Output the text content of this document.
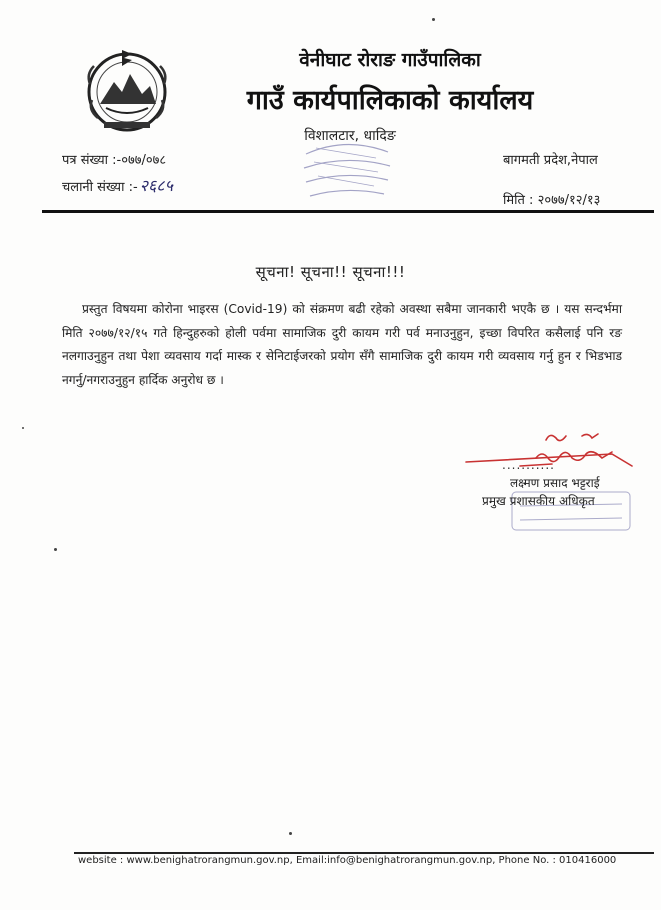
वेनीघाट रोराङ गाउँपालिका
गाउँ कार्यपालिकाको कार्यालय
विशालटार, धादिङ
पत्र संख्या :-०७७/०७८
चलानी संख्या :- २६८५
बागमती प्रदेश,नेपाल
मिति : २०७७/१२/१३
सूचना! सूचना!! सूचना!!!
प्रस्तुत विषयमा कोरोना भाइरस (Covid-19) को संक्रमण बढी रहेको अवस्था सबैमा जानकारी भएकै छ । यस सन्दर्भमा मिति २०७७/१२/१५ गते हिन्दुहरुको होली पर्वमा सामाजिक दुरी कायम गरी पर्व मनाउनुहुन, इच्छा विपरित कसैलाई पनि रङ नलगाउनुहुन तथा पेशा व्यवसाय गर्दा मास्क र सेनिटाईजरको प्रयोग सँगै सामाजिक दुरी कायम गरी व्यवसाय गर्नु हुन र भिडभाड नगर्नु/नगराउनुहुन हार्दिक अनुरोध छ ।
...........
लक्ष्मण प्रसाद भट्टराई
प्रमुख प्रशासकीय अधिकृत
website : www.benighatrorangmun.gov.np, Email:info@benighatrorangmun.gov.np, Phone No. : 010416000
